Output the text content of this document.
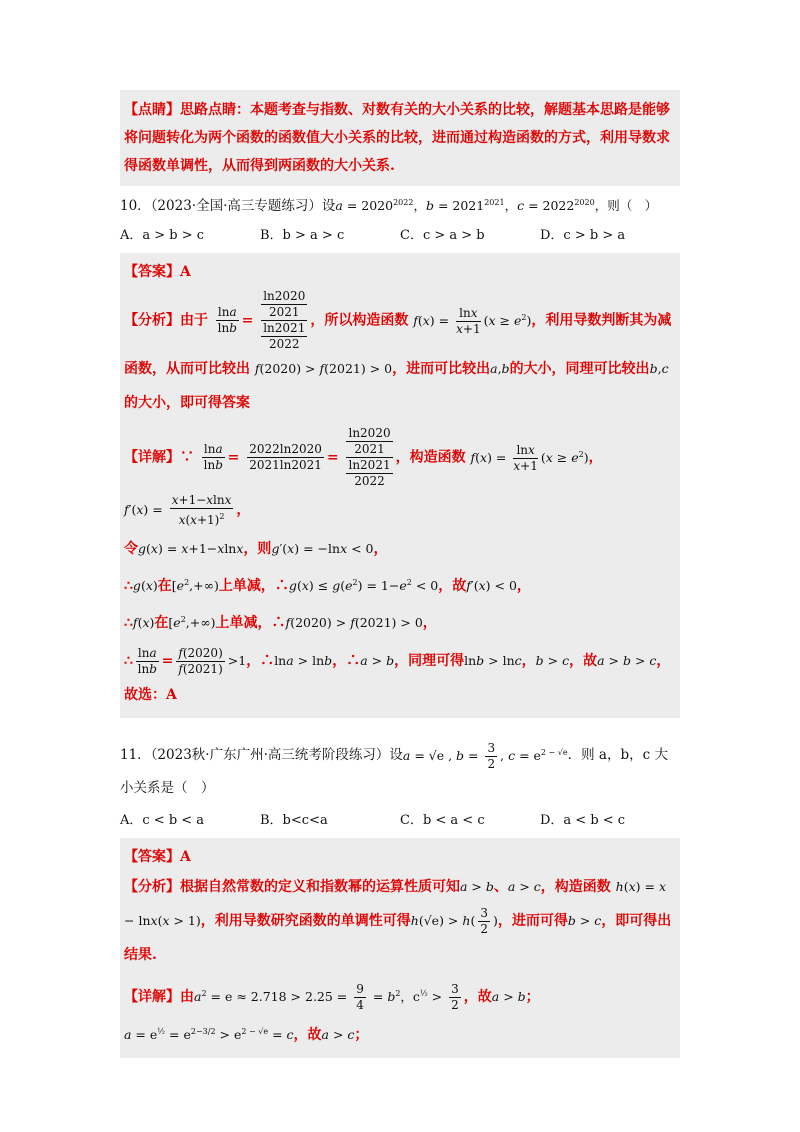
【点睛】思路点睛：本题考查与指数、对数有关的大小关系的比较，解题基本思路是能够将问题转化为两个函数的函数值大小关系的比较，进而通过构造函数的方式，利用导数求得函数单调性，从而得到两函数的大小关系.
10．（2023·全国·高三专题练习）设$a = 2020^{2022}$，$b = 2021^{2021}$，$c = 2022^{2020}$，则（　）
A．a > b > c	B．b > a > c	C．c > a > b	D．c > b > a
【答案】A
【分析】由于 $\frac{\ln a}{\ln b}$ =
ln2020
2021
ln2021
2022
，所以构造函数 $f(x) = \frac{\ln x}{x+1} (x \ge e^2)$，利用导数判断其为减函数，从而可比较出 f(2020) > f(2021) > 0，进而可比较出a,b的大小，同理可比较出b,c的大小，即可得答案
【详解】∵ $\frac{\ln a}{\ln b} = \frac{2022\ln 2020}{2021\ln 2021}$ =
ln2020
2021
ln2021
2022
，构造函数 $f(x) = \frac{\ln x}{x+1} (x \ge e^2)$，
$f'(x) = \frac{x+1-xlnx}{x(x+1)^2}$ ，
令g(x) = x+1−xlnx，则g′(x) = −lnx < 0，
∴g(x)在$[e^2,+\infty)$上单减，∴g(x) ≤ $g(e^2) = 1-e^2 < 0$，故f′(x) < 0，
∴f(x)在$[e^2,+\infty)$上单减，∴f(2020) > f(2021) > 0，
∴ $\frac{\ln a}{\ln b} = \frac{f(2020)}{f(2021)} >1$，∴lna > lnb，∴a > b，同理可得lnb > lnc，b > c，故a > b > c，故选：A
11．（2023秋·广东广州·高三统考阶段练习）设a = √e , $b = \frac{3}{2}$ , $c = e^{2 - √e}$．则 a，b，c 大小关系是（　）
A．c < b < a	B．b<c<a	C．b < a < c	D．a < b < c
【答案】A
【分析】根据自然常数的定义和指数幂的运算性质可知a > b、a > c，构造函数 h(x) = x − lnx(x > 1)，利用导数研究函数的单调性可得$h(√e) > h( \frac{3}{2}$ )，进而可得b > c，即可得出结果.
【详解】由$a^2 = e \approx 2.718 > 2.25 = \frac{9}{4} = b^2$，$c^{\frac{1}{2}} > \frac{3}{2}$ ，故a > b；
$a = e^{\frac{1}{2}} = e^{2-3/2} > e^{2 - √e} = c$，故a > c；
